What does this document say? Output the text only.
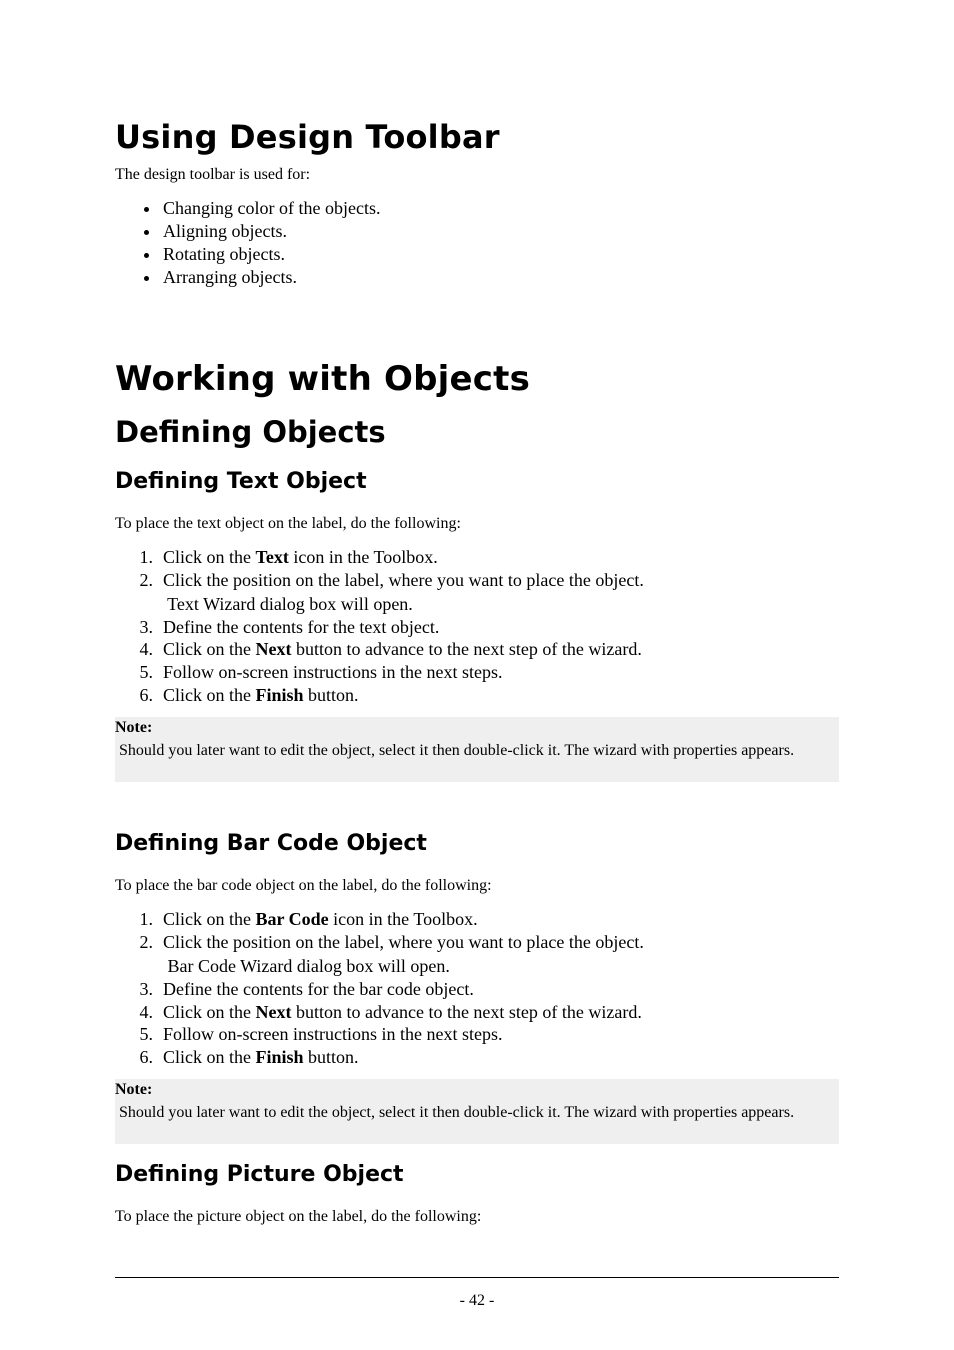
Using Design Toolbar
The design toolbar is used for:
Changing color of the objects.
Aligning objects.
Rotating objects.
Arranging objects.
Working with Objects
Defining Objects
Defining Text Object
To place the text object on the label, do the following:
1. Click on the Text icon in the Toolbox.
2. Click the position on the label, where you want to place the object.
Text Wizard dialog box will open.
3. Define the contents for the text object.
4. Click on the Next button to advance to the next step of the wizard.
5. Follow on-screen instructions in the next steps.
6. Click on the Finish button.
Note:
Should you later want to edit the object, select it then double-click it. The wizard with properties appears.
Defining Bar Code Object
To place the bar code object on the label, do the following:
1. Click on the Bar Code icon in the Toolbox.
2. Click the position on the label, where you want to place the object.
Bar Code Wizard dialog box will open.
3. Define the contents for the bar code object.
4. Click on the Next button to advance to the next step of the wizard.
5. Follow on-screen instructions in the next steps.
6. Click on the Finish button.
Note:
Should you later want to edit the object, select it then double-click it. The wizard with properties appears.
Defining Picture Object
To place the picture object on the label, do the following:
- 42 -
